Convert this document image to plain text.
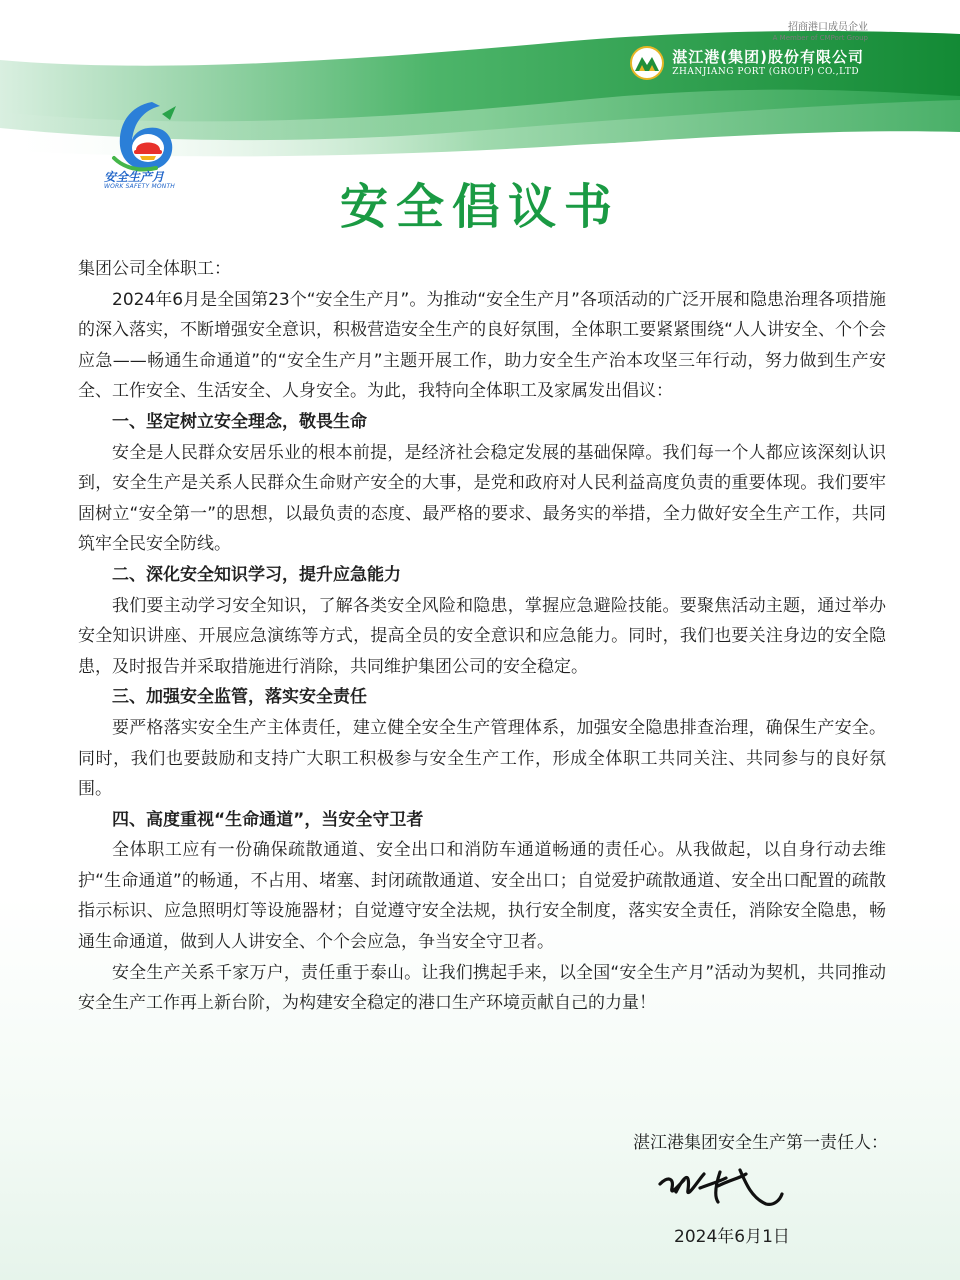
招商港口成员企业
A Member of CMPort Group
湛江港(集团)股份有限公司
ZHANJIANG PORT (GROUP) CO.,LTD
安全生产月
WORK SAFETY MONTH	安全倡议书

集团公司全体职工：

2024年6月是全国第23个“安全生产月”。为推动“安全生产月”各项活动的广泛开展和隐患治理各项措施的深入落实，不断增强安全意识，积极营造安全生产的良好氛围，全体职工要紧紧围绕“人人讲安全、个个会应急——畅通生命通道”的“安全生产月”主题开展工作，助力安全生产治本攻坚三年行动，努力做到生产安全、工作安全、生活安全、人身安全。为此，我特向全体职工及家属发出倡议：

一、坚定树立安全理念，敬畏生命

安全是人民群众安居乐业的根本前提，是经济社会稳定发展的基础保障。我们每一个人都应该深刻认识到，安全生产是关系人民群众生命财产安全的大事，是党和政府对人民利益高度负责的重要体现。我们要牢固树立“安全第一”的思想，以最负责的态度、最严格的要求、最务实的举措，全力做好安全生产工作，共同筑牢全民安全防线。

二、深化安全知识学习，提升应急能力

我们要主动学习安全知识，了解各类安全风险和隐患，掌握应急避险技能。要聚焦活动主题，通过举办安全知识讲座、开展应急演练等方式，提高全员的安全意识和应急能力。同时，我们也要关注身边的安全隐患，及时报告并采取措施进行消除，共同维护集团公司的安全稳定。

三、加强安全监管，落实安全责任

要严格落实安全生产主体责任，建立健全安全生产管理体系，加强安全隐患排查治理，确保生产安全。同时，我们也要鼓励和支持广大职工积极参与安全生产工作，形成全体职工共同关注、共同参与的良好氛围。

四、高度重视“生命通道”，当安全守卫者

全体职工应有一份确保疏散通道、安全出口和消防车通道畅通的责任心。从我做起，以自身行动去维护“生命通道”的畅通，不占用、堵塞、封闭疏散通道、安全出口；自觉爱护疏散通道、安全出口配置的疏散指示标识、应急照明灯等设施器材；自觉遵守安全法规，执行安全制度，落实安全责任，消除安全隐患，畅通生命通道，做到人人讲安全、个个会应急，争当安全守卫者。

安全生产关系千家万户，责任重于泰山。让我们携起手来，以全国“安全生产月”活动为契机，共同推动安全生产工作再上新台阶，为构建安全稳定的港口生产环境贡献自己的力量！

湛江港集团安全生产第一责任人：
2024年6月1日
